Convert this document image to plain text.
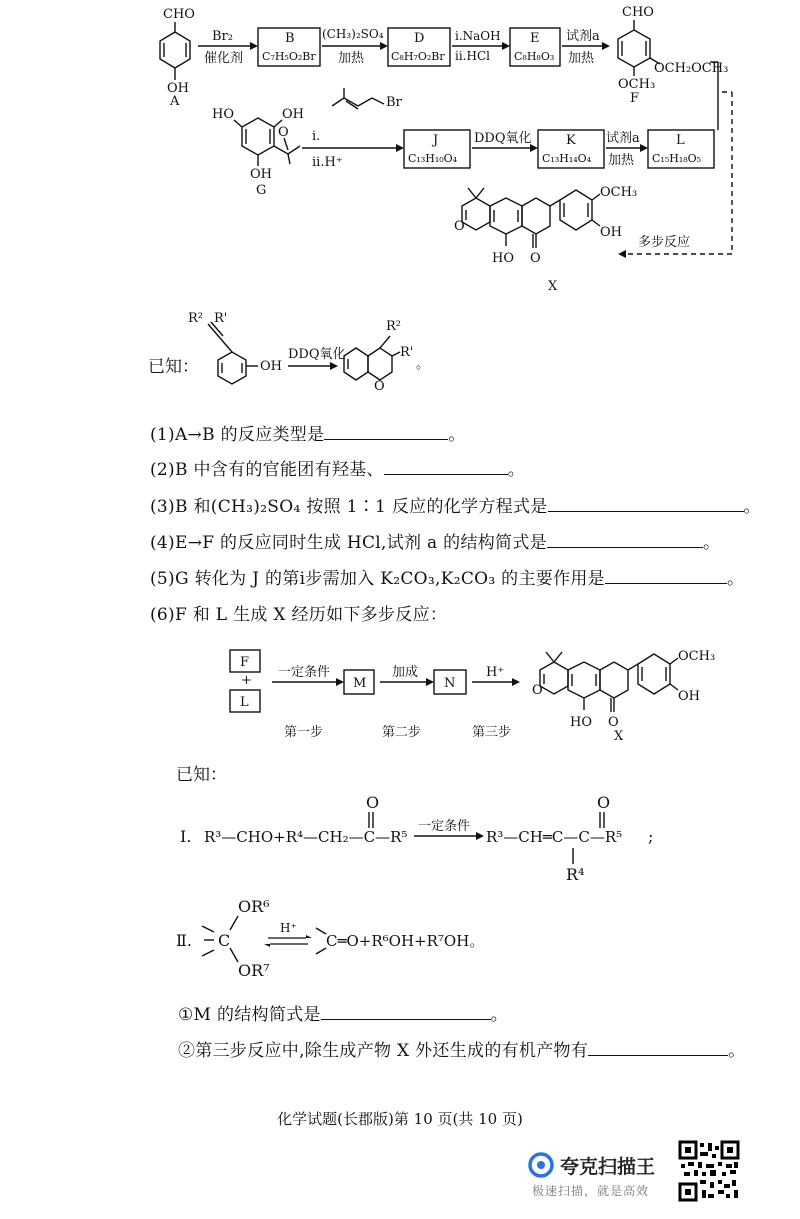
CHO
OH
A
Br₂
催化剂
B
C₇H₅O₂Br
(CH₃)₂SO₄
加热
D
C₈H₇O₂Br
ⅰ.NaOH
ⅱ.HCl
E
C₈H₈O₃
试剂a
加热
CHO
OCH₂OCH₃
OCH₃
F
HO	OH
OH
O
G
Br
ⅰ.
ⅱ.H⁺
J
C₁₃H₁₀O₄
DDQ氧化	K
C₁₃H₁₄O₄
试剂a
加热
L
C₁₅H₁₈O₅
多步反应
OCH₃
OH
HO
O
O
X
R² R'
OH
DDQ氧化
R²
R'
O
。
已知：
(1)A→B 的反应类型是	。
(2)B 中含有的官能团有羟基、	。
(3)B 和(CH₃)₂SO₄ 按照 1∶1 反应的化学方程式是	。
(4)E→F 的反应同时生成 HCl,试剂 a 的结构简式是	。
(5)G 转化为 J 的第ⅰ步需加入 K₂CO₃,K₂CO₃ 的主要作用是	。
(6)F 和 L 生成 X 经历如下多步反应：
F
+
L
一定条件
M
加成
N
H⁺
第一步	第二步	第三步
OCH₃
OH
HO
O
O
X
已知：
Ⅰ. R³—CHO+R⁴—CH₂—C—R⁵
O
一定条件
R³—CH═C—C—R⁵
O
R⁴
;
Ⅱ.
OR⁶
OR⁷
C
H⁺
C═O+R⁶OH+R⁷OH。
①M 的结构简式是	。
②第三步反应中,除生成产物 X 外还生成的有机产物有	。
化学试题(长郡版)第 10 页(共 10 页)
夸克扫描王
极速扫描，就是高效
